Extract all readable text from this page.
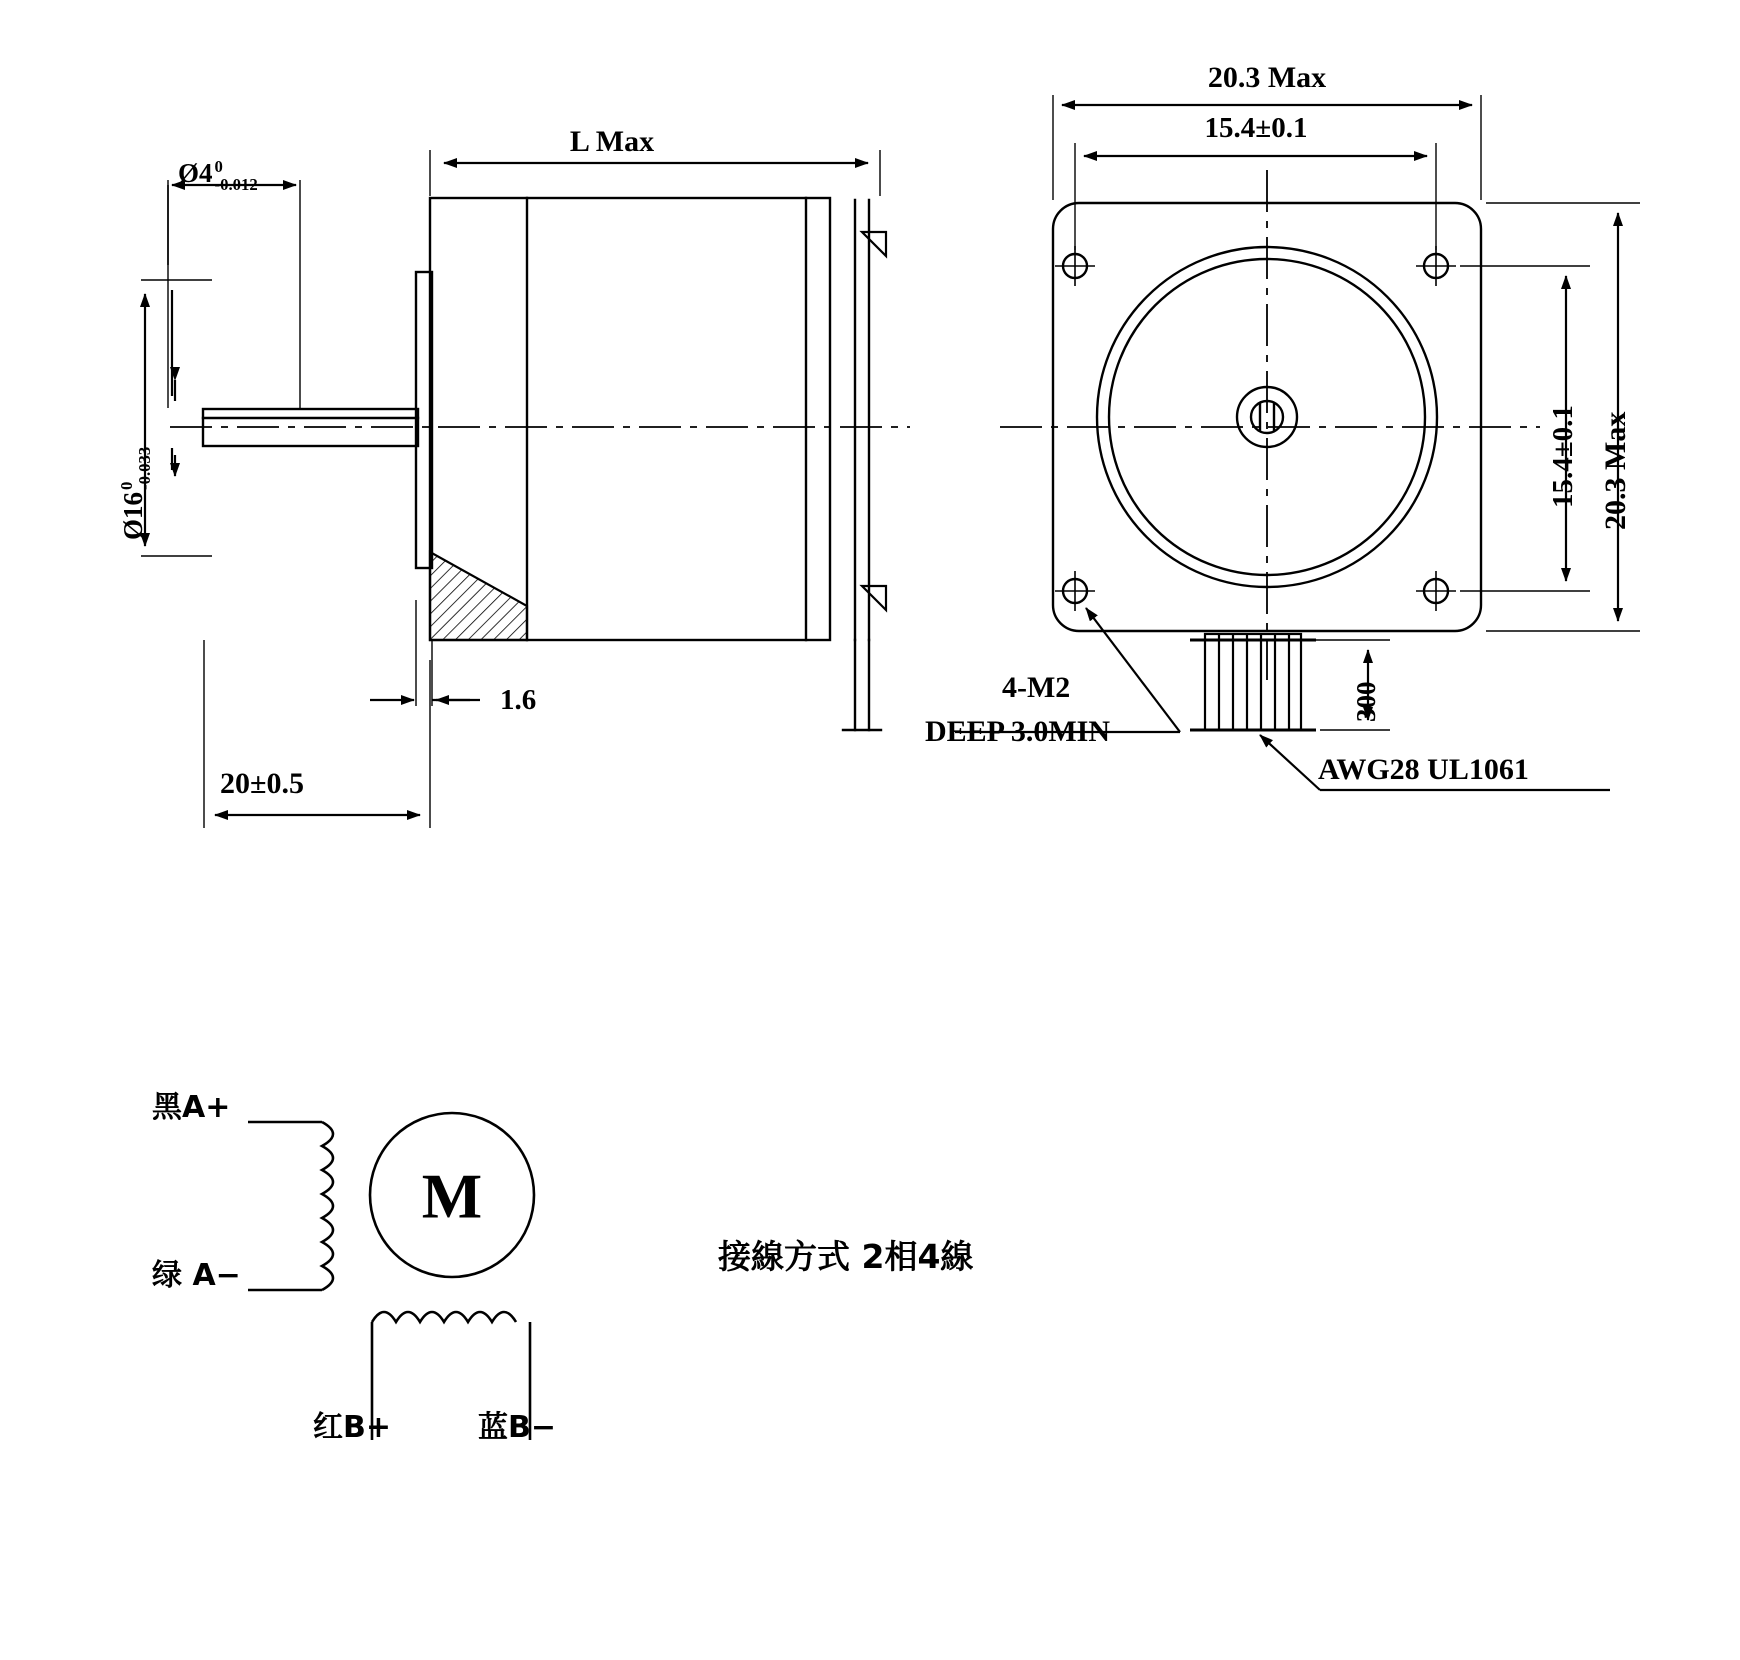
L Max
Ø4 0
-0.012
Ø16
0
-0.033
1.6
20±0.5
20.3 Max
15.4±0.1
15.4±0.1 20.3 Max
300
4-M2
DEEP 3.0MIN
AWG28 UL1061
黑A+
绿 A−
红B+	蓝B−
M
接線方式 2相4線
